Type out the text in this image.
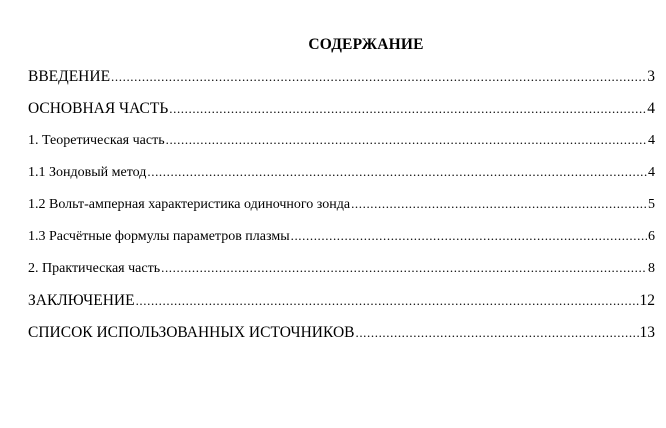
СОДЕРЖАНИЕ
ВВЕДЕНИЕ .....	3
ОСНОВНАЯ ЧАСТЬ .....	4
1. Теоретическая часть .....	4
1.1 Зондовый метод .....	4
1.2 Вольт-амперная характеристика одиночного зонда .....	5
1.3 Расчётные формулы параметров плазмы .....	6
2. Практическая часть .....	8
ЗАКЛЮЧЕНИЕ .....	12
СПИСОК ИСПОЛЬЗОВАННЫХ ИСТОЧНИКОВ .....	13
